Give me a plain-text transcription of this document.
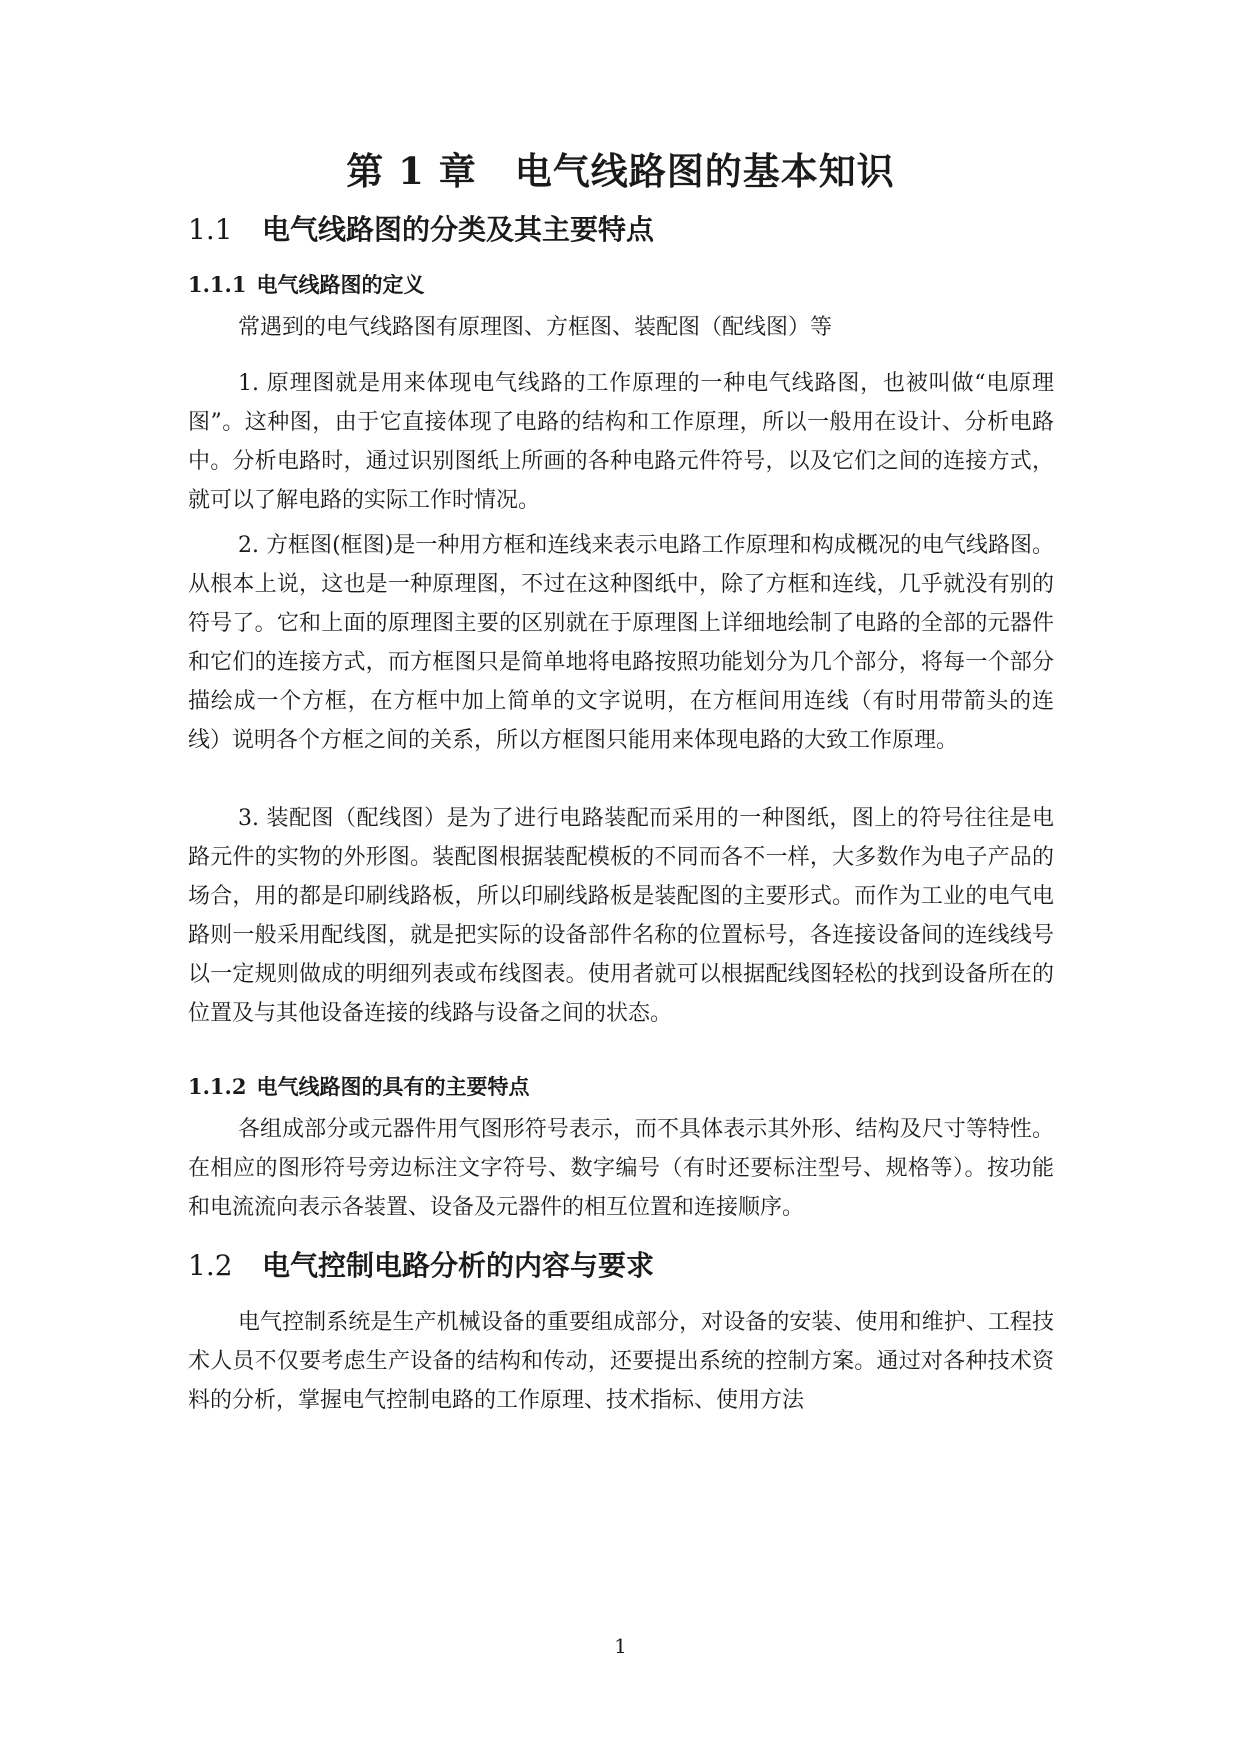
第 1 章 电气线路图的基本知识
1.1 电气线路图的分类及其主要特点
1.1.1 电气线路图的定义

常遇到的电气线路图有原理图、方框图、装配图（配线图）等

1. 原理图就是用来体现电气线路的工作原理的一种电气线路图，也被叫做“电原理图”。这种图，由于它直接体现了电路的结构和工作原理，所以一般用在设计、分析电路中。分析电路时，通过识别图纸上所画的各种电路元件符号，以及它们之间的连接方式，就可以了解电路的实际工作时情况。

2. 方框图(框图)是一种用方框和连线来表示电路工作原理和构成概况的电气线路图。从根本上说，这也是一种原理图，不过在这种图纸中，除了方框和连线，几乎就没有别的符号了。它和上面的原理图主要的区别就在于原理图上详细地绘制了电路的全部的元器件和它们的连接方式，而方框图只是简单地将电路按照功能划分为几个部分，将每一个部分描绘成一个方框，在方框中加上简单的文字说明，在方框间用连线（有时用带箭头的连线）说明各个方框之间的关系，所以方框图只能用来体现电路的大致工作原理。

3. 装配图（配线图）是为了进行电路装配而采用的一种图纸，图上的符号往往是电路元件的实物的外形图。装配图根据装配模板的不同而各不一样，大多数作为电子产品的场合，用的都是印刷线路板，所以印刷线路板是装配图的主要形式。而作为工业的电气电路则一般采用配线图，就是把实际的设备部件名称的位置标号，各连接设备间的连线线号以一定规则做成的明细列表或布线图表。使用者就可以根据配线图轻松的找到设备所在的位置及与其他设备连接的线路与设备之间的状态。

1.1.2 电气线路图的具有的主要特点

各组成部分或元器件用气图形符号表示，而不具体表示其外形、结构及尺寸等特性。在相应的图形符号旁边标注文字符号、数字编号（有时还要标注型号、规格等）。按功能和电流流向表示各装置、设备及元器件的相互位置和连接顺序。

1.2 电气控制电路分析的内容与要求

电气控制系统是生产机械设备的重要组成部分，对设备的安装、使用和维护、工程技术人员不仅要考虑生产设备的结构和传动，还要提出系统的控制方案。通过对各种技术资料的分析，掌握电气控制电路的工作原理、技术指标、使用方法

1
